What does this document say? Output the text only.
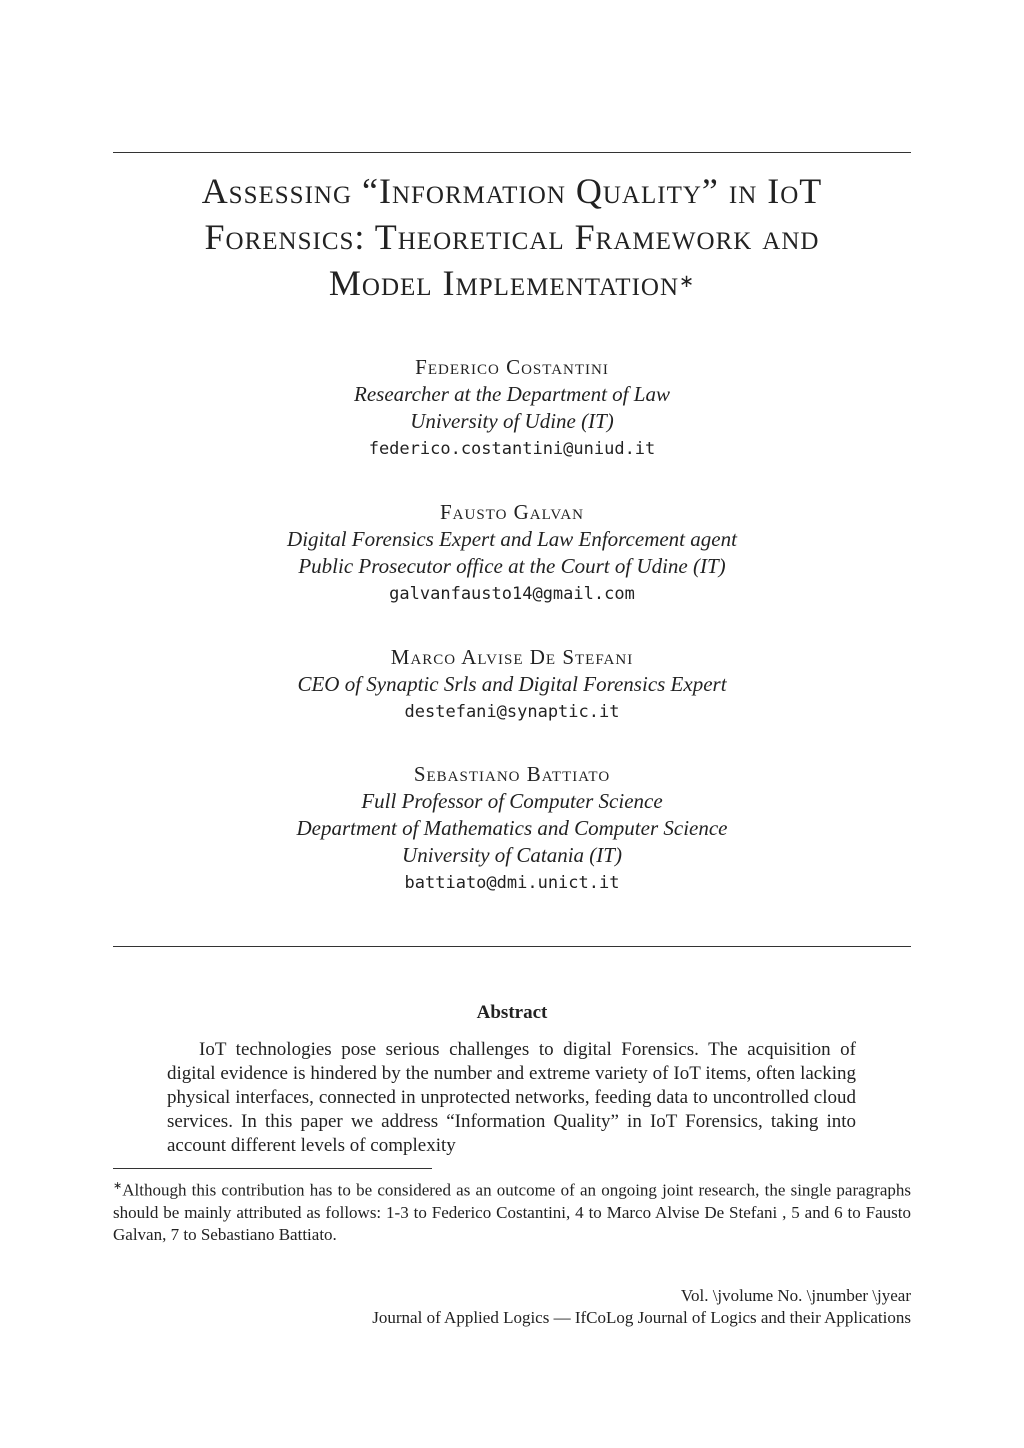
Assessing “Information Quality” in IoT
Forensics: Theoretical Framework and
Model Implementation∗
Federico Costantini
Researcher at the Department of Law
University of Udine (IT)
federico.costantini@uniud.it
Fausto Galvan
Digital Forensics Expert and Law Enforcement agent
Public Prosecutor office at the Court of Udine (IT)
galvanfausto14@gmail.com
Marco Alvise De Stefani
CEO of Synaptic Srls and Digital Forensics Expert
destefani@synaptic.it
Sebastiano Battiato
Full Professor of Computer Science
Department of Mathematics and Computer Science
University of Catania (IT)
battiato@dmi.unict.it
Abstract
IoT technologies pose serious challenges to digital Forensics. The acquisition of digital evidence is hindered by the number and extreme variety of IoT items, often lacking physical interfaces, connected in unprotected networks, feeding data to uncontrolled cloud services. In this paper we address “Information Quality” in IoT Forensics, taking into account different levels of complexity
∗Although this contribution has to be considered as an outcome of an ongoing joint research, the single paragraphs should be mainly attributed as follows: 1-3 to Federico Costantini, 4 to Marco Alvise De Stefani , 5 and 6 to Fausto Galvan, 7 to Sebastiano Battiato.
Vol. \jvolume No. \jnumber \jyear
Journal of Applied Logics — IfCoLog Journal of Logics and their Applications
